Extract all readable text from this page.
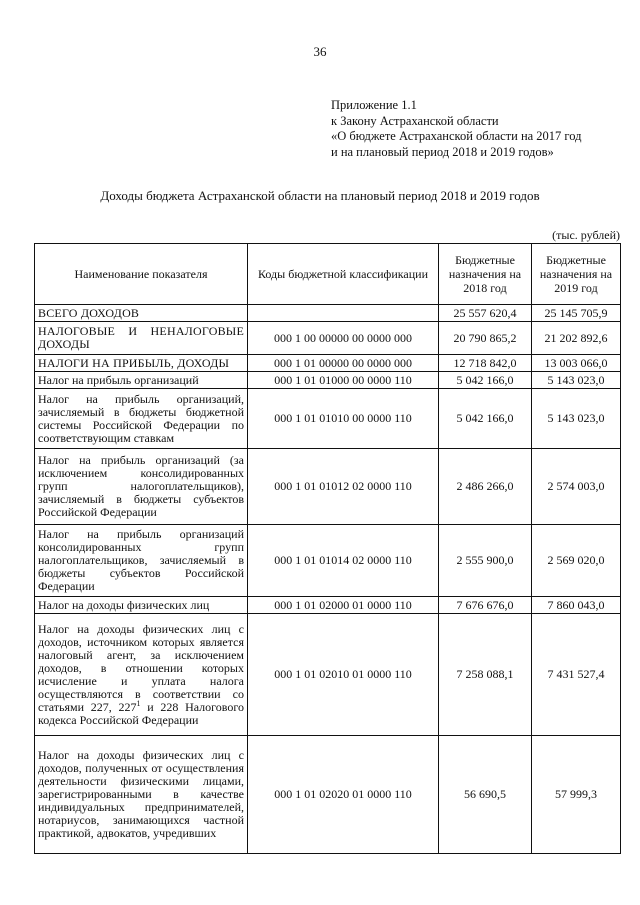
36
Приложение 1.1
к Закону Астраханской области
«О бюджете Астраханской области на 2017 год
и на плановый период 2018 и 2019 годов»
Доходы бюджета Астраханской области на плановый период 2018 и 2019 годов
(тыс. рублей)
Наименование показателя	Коды бюджетной классификации	Бюджетные назначения на 2018 год	Бюджетные назначения на 2019 год
ВСЕГО ДОХОДОВ		25 557 620,4	25 145 705,9
НАЛОГОВЫЕ И НЕНАЛОГОВЫЕ ДОХОДЫ	000 1 00 00000 00 0000 000	20 790 865,2	21 202 892,6
НАЛОГИ НА ПРИБЫЛЬ, ДОХОДЫ	000 1 01 00000 00 0000 000	12 718 842,0	13 003 066,0
Налог на прибыль организаций	000 1 01 01000 00 0000 110	5 042 166,0	5 143 023,0
Налог на прибыль организаций, зачисляемый в бюджеты бюджетной системы Российской Федерации по соответствующим ставкам	000 1 01 01010 00 0000 110	5 042 166,0	5 143 023,0
Налог на прибыль организаций (за исключением консолидированных групп налогоплательщиков), зачисляемый в бюджеты субъектов Российской Федерации	000 1 01 01012 02 0000 110	2 486 266,0	2 574 003,0
Налог на прибыль организаций консолидированных групп налогоплательщиков, зачисляемый в бюджеты субъектов Российской Федерации	000 1 01 01014 02 0000 110	2 555 900,0	2 569 020,0
Налог на доходы физических лиц	000 1 01 02000 01 0000 110	7 676 676,0	7 860 043,0
Налог на доходы физических лиц с доходов, источником которых является налоговый агент, за исключением доходов, в отношении которых исчисление и уплата налога осуществляются в соответствии со статьями 227, $227^1$ и 228 Налогового кодекса Российской Федерации	000 1 01 02010 01 0000 110	7 258 088,1	7 431 527,4
Налог на доходы физических лиц с доходов, полученных от осуществления деятельности физическими лицами, зарегистрированными в качестве индивидуальных предпринимателей, нотариусов, занимающихся частной практикой, адвокатов, учредивших	000 1 01 02020 01 0000 110	56 690,5	57 999,3
